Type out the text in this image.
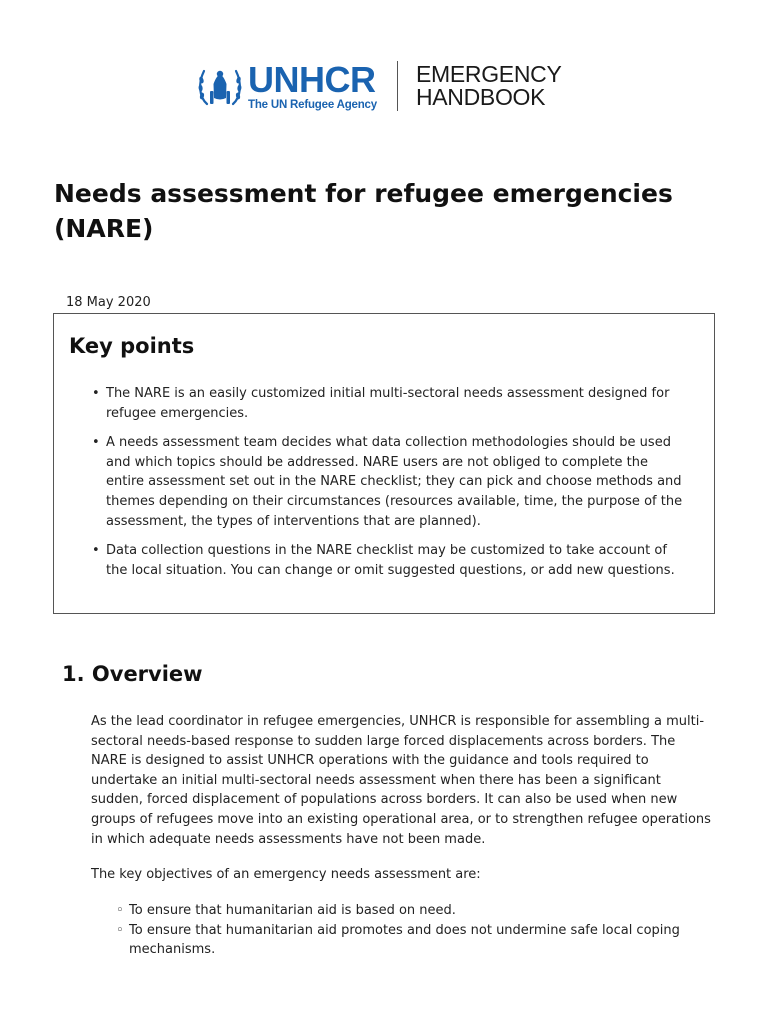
UNHCR
The UN Refugee Agency
EMERGENCY
HANDBOOK
Needs assessment for refugee emergencies (NARE)
18 May 2020
Key points
• The NARE is an easily customized initial multi-sectoral needs assessment designed for refugee emergencies.
• A needs assessment team decides what data collection methodologies should be used and which topics should be addressed. NARE users are not obliged to complete the entire assessment set out in the NARE checklist; they can pick and choose methods and themes depending on their circumstances (resources available, time, the purpose of the assessment, the types of interventions that are planned).
• Data collection questions in the NARE checklist may be customized to take account of the local situation. You can change or omit suggested questions, or add new questions.
1. Overview

As the lead coordinator in refugee emergencies, UNHCR is responsible for assembling a multi-sectoral needs-based response to sudden large forced displacements across borders. The NARE is designed to assist UNHCR operations with the guidance and tools required to undertake an initial multi-sectoral needs assessment when there has been a significant sudden, forced displacement of populations across borders. It can also be used when new groups of refugees move into an existing operational area, or to strengthen refugee operations in which adequate needs assessments have not been made.

The key objectives of an emergency needs assessment are:

◦ To ensure that humanitarian aid is based on need.
◦ To ensure that humanitarian aid promotes and does not undermine safe local coping mechanisms.
